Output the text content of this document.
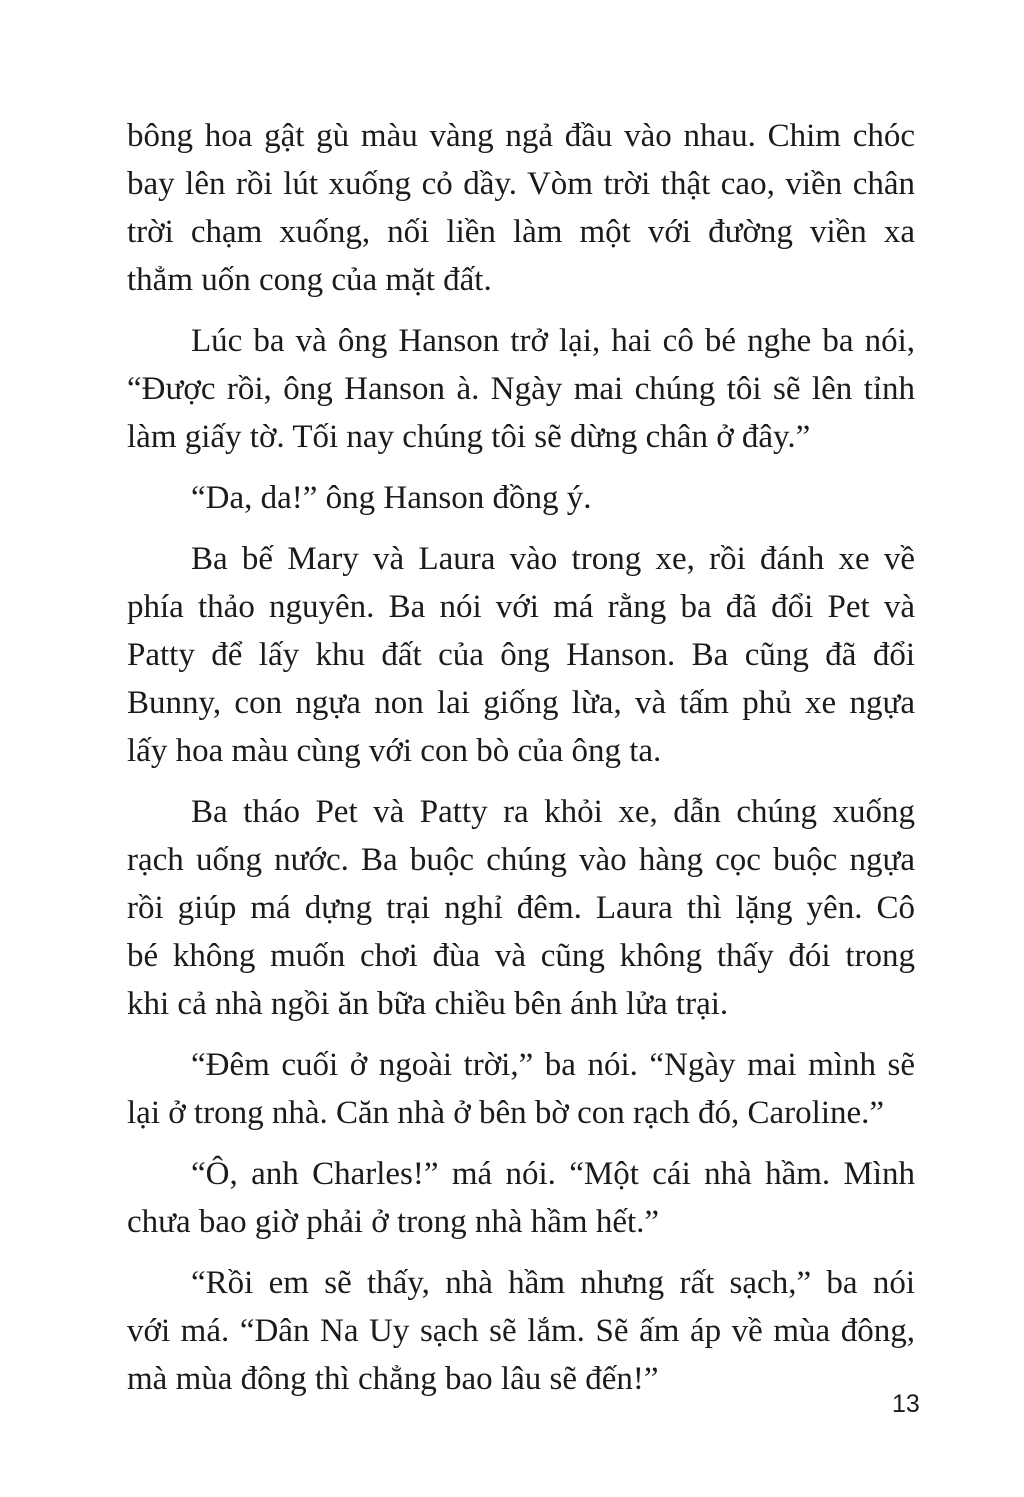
bông hoa gật gù màu vàng ngả đầu vào nhau. Chim chóc
bay lên rồi lút xuống cỏ dầy. Vòm trời thật cao, viền chân
trời chạm xuống, nối liền làm một với đường viền xa
thẳm uốn cong của mặt đất.

Lúc ba và ông Hanson trở lại, hai cô bé nghe ba nói,
“Được rồi, ông Hanson à. Ngày mai chúng tôi sẽ lên tỉnh
làm giấy tờ. Tối nay chúng tôi sẽ dừng chân ở đây.”

“Da, da!” ông Hanson đồng ý.

Ba bế Mary và Laura vào trong xe, rồi đánh xe về
phía thảo nguyên. Ba nói với má rằng ba đã đổi Pet và
Patty để lấy khu đất của ông Hanson. Ba cũng đã đổi
Bunny, con ngựa non lai giống lừa, và tấm phủ xe ngựa
lấy hoa màu cùng với con bò của ông ta.

Ba tháo Pet và Patty ra khỏi xe, dẫn chúng xuống
rạch uống nước. Ba buộc chúng vào hàng cọc buộc ngựa
rồi giúp má dựng trại nghỉ đêm. Laura thì lặng yên. Cô
bé không muốn chơi đùa và cũng không thấy đói trong
khi cả nhà ngồi ăn bữa chiều bên ánh lửa trại.

“Đêm cuối ở ngoài trời,” ba nói. “Ngày mai mình sẽ
lại ở trong nhà. Căn nhà ở bên bờ con rạch đó, Caroline.”

“Ô, anh Charles!” má nói. “Một cái nhà hầm. Mình
chưa bao giờ phải ở trong nhà hầm hết.”

“Rồi em sẽ thấy, nhà hầm nhưng rất sạch,” ba nói
với má. “Dân Na Uy sạch sẽ lắm. Sẽ ấm áp về mùa đông,
mà mùa đông thì chẳng bao lâu sẽ đến!”

13
